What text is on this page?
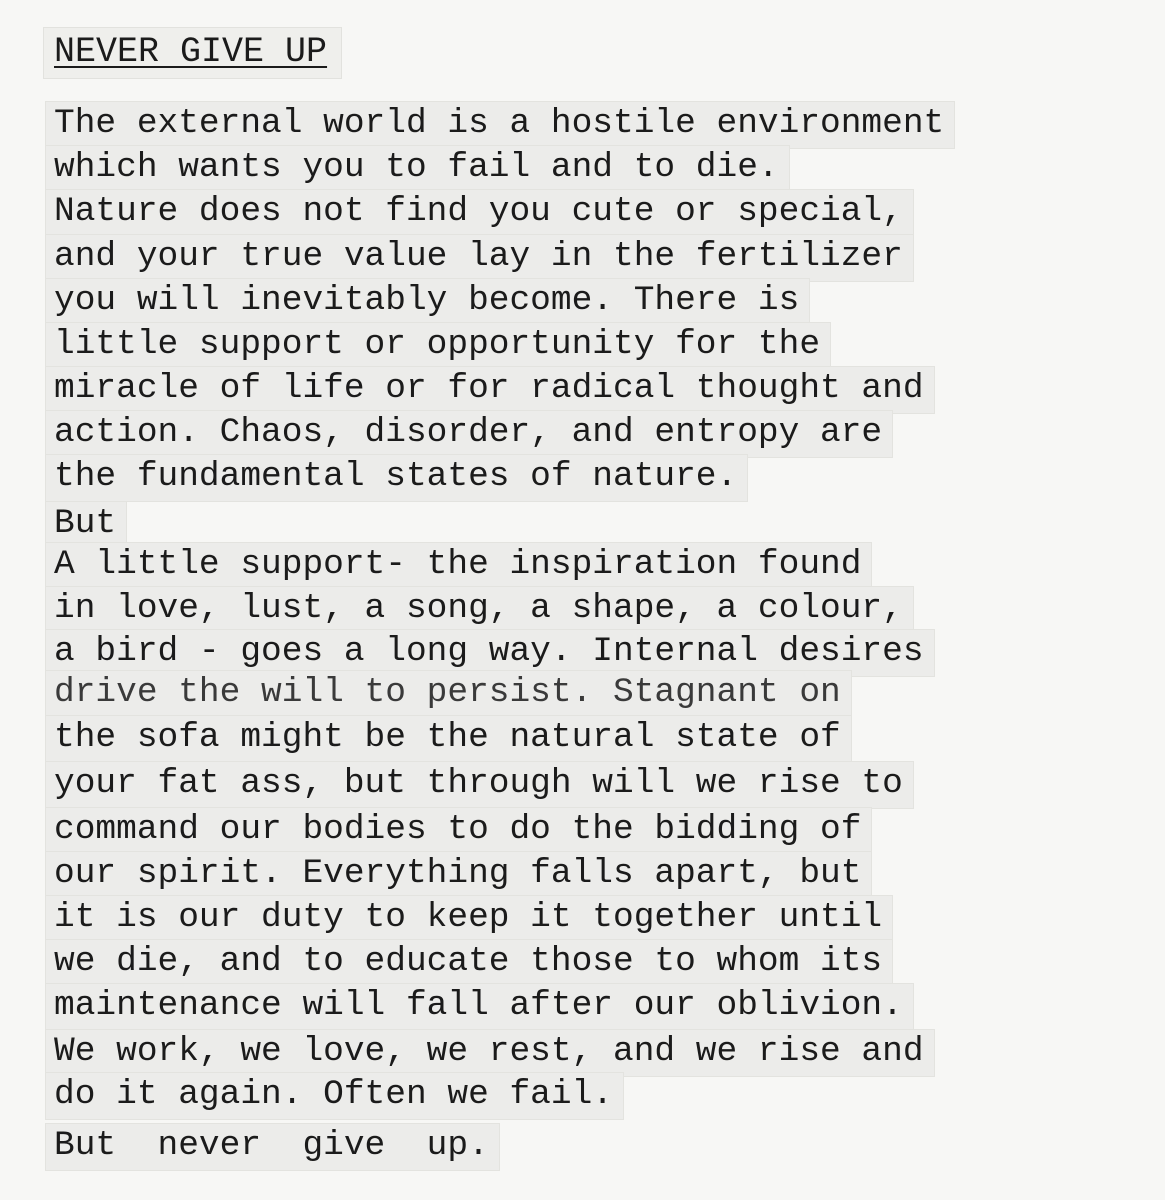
NEVER GIVE UP
The external world is a hostile environment
which wants you to fail and to die.
Nature does not find you cute or special,
and your true value lay in the fertilizer
you will inevitably become. There is
little support or opportunity for the
miracle of life or for radical thought and
action. Chaos, disorder, and entropy are
the fundamental states of nature.
But
A little support- the inspiration found
in love, lust, a song, a shape, a colour,
a bird - goes a long way. Internal desires
drive the will to persist. Stagnant on
the sofa might be the natural state of
your fat ass, but through will we rise to
command our bodies to do the bidding of
our spirit. Everything falls apart, but
it is our duty to keep it together until
we die, and to educate those to whom its
maintenance will fall after our oblivion.
We work, we love, we rest, and we rise and
do it again. Often we fail.
But  never  give  up.
